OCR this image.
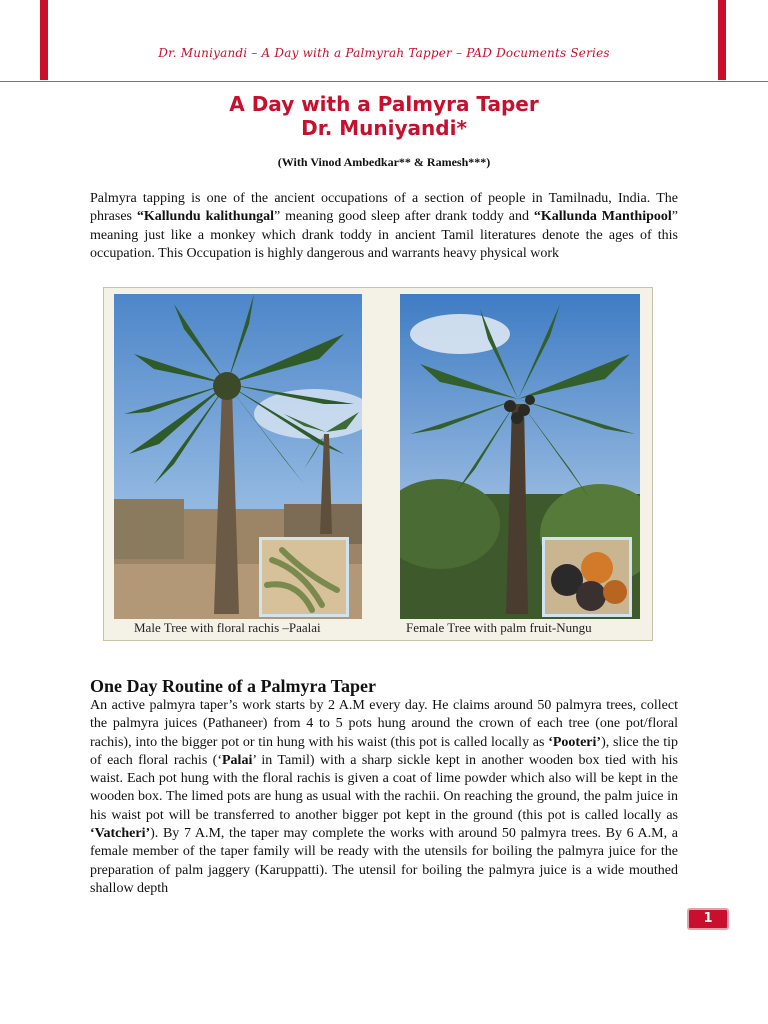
Dr. Muniyandi – A Day with a Palmyrah Tapper – PAD Documents Series
A Day with a Palmyra Taper
Dr. Muniyandi*
(With Vinod Ambedkar** & Ramesh***)
Palmyra tapping is one of the ancient occupations of a section of people in Tamilnadu, India. The phrases “Kallundu kalithungal” meaning good sleep after drank toddy and “Kallunda Manthipool” meaning just like a monkey which drank toddy in ancient Tamil literatures denote the ages of this occupation. This Occupation is highly dangerous and warrants heavy physical work
Male Tree with floral rachis –Paalai	Female Tree with palm fruit-Nungu
One Day Routine of a Palmyra Taper
An active palmyra taper’s work starts by 2 A.M every day. He claims around 50 palmyra trees, collect the palmyra juices (Pathaneer) from 4 to 5 pots hung around the crown of each tree (one pot/floral rachis), into the bigger pot or tin hung with his waist (this pot is called locally as ‘Pooteri’), slice the tip of each floral rachis (‘Palai’ in Tamil) with a sharp sickle kept in another wooden box tied with his waist. Each pot hung with the floral rachis is given a coat of lime powder which also will be kept in the wooden box. The limed pots are hung as usual with the rachii. On reaching the ground, the palm juice in his waist pot will be transferred to another bigger pot kept in the ground (this pot is called locally as ‘Vatcheri’). By 7 A.M, the taper may complete the works with around 50 palmyra trees. By 6 A.M, a female member of the taper family will be ready with the utensils for boiling the palmyra juice for the preparation of palm jaggery (Karuppatti). The utensil for boiling the palmyra juice is a wide mouthed shallow depth
1
